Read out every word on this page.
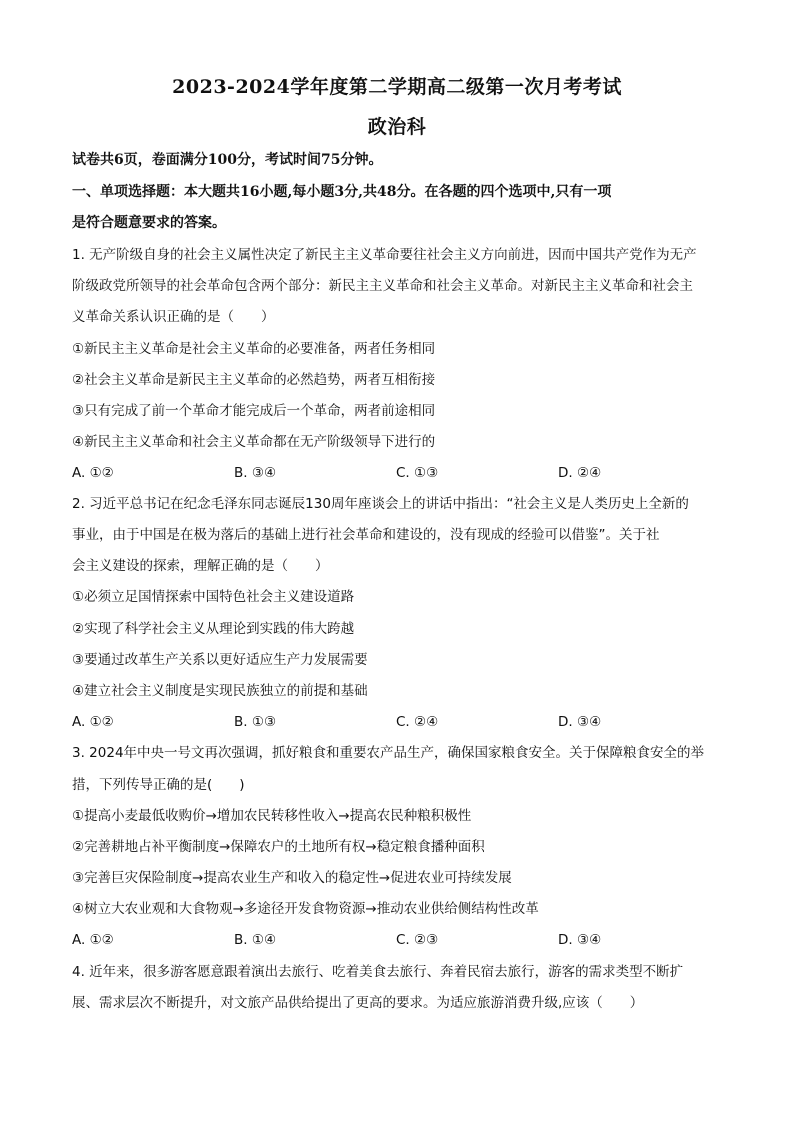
2023-2024学年度第二学期高二级第一次月考考试
政治科
试卷共6页，卷面满分100分，考试时间75分钟。
一、单项选择题：本大题共16小题,每小题3分,共48分。在各题的四个选项中,只有一项
是符合题意要求的答案。
1. 无产阶级自身的社会主义属性决定了新民主主义革命要往社会主义方向前进，因而中国共产党作为无产
阶级政党所领导的社会革命包含两个部分：新民主主义革命和社会主义革命。对新民主主义革命和社会主
义革命关系认识正确的是（　　）
①新民主主义革命是社会主义革命的必要准备，两者任务相同
②社会主义革命是新民主主义革命的必然趋势，两者互相衔接
③只有完成了前一个革命才能完成后一个革命，两者前途相同
④新民主主义革命和社会主义革命都在无产阶级领导下进行的
A. ①②	B. ③④	C. ①③	D. ②④
2. 习近平总书记在纪念毛泽东同志诞辰130周年座谈会上的讲话中指出：“社会主义是人类历史上全新的
事业，由于中国是在极为落后的基础上进行社会革命和建设的，没有现成的经验可以借鉴”。关于社
会主义建设的探索，理解正确的是（　　）
①必须立足国情探索中国特色社会主义建设道路
②实现了科学社会主义从理论到实践的伟大跨越
③要通过改革生产关系以更好适应生产力发展需要
④建立社会主义制度是实现民族独立的前提和基础
A. ①②	B. ①③	C. ②④	D. ③④
3. 2024年中央一号文再次强调，抓好粮食和重要农产品生产，确保国家粮食安全。关于保障粮食安全的举
措，下列传导正确的是(　　)
①提高小麦最低收购价→增加农民转移性收入→提高农民种粮积极性
②完善耕地占补平衡制度→保障农户的土地所有权→稳定粮食播种面积
③完善巨灾保险制度→提高农业生产和收入的稳定性→促进农业可持续发展
④树立大农业观和大食物观→多途径开发食物资源→推动农业供给侧结构性改革
A. ①②	B. ①④	C. ②③	D. ③④
4. 近年来，很多游客愿意跟着演出去旅行、吃着美食去旅行、奔着民宿去旅行，游客的需求类型不断扩
展、需求层次不断提升，对文旅产品供给提出了更高的要求。为适应旅游消费升级,应该（　　）
